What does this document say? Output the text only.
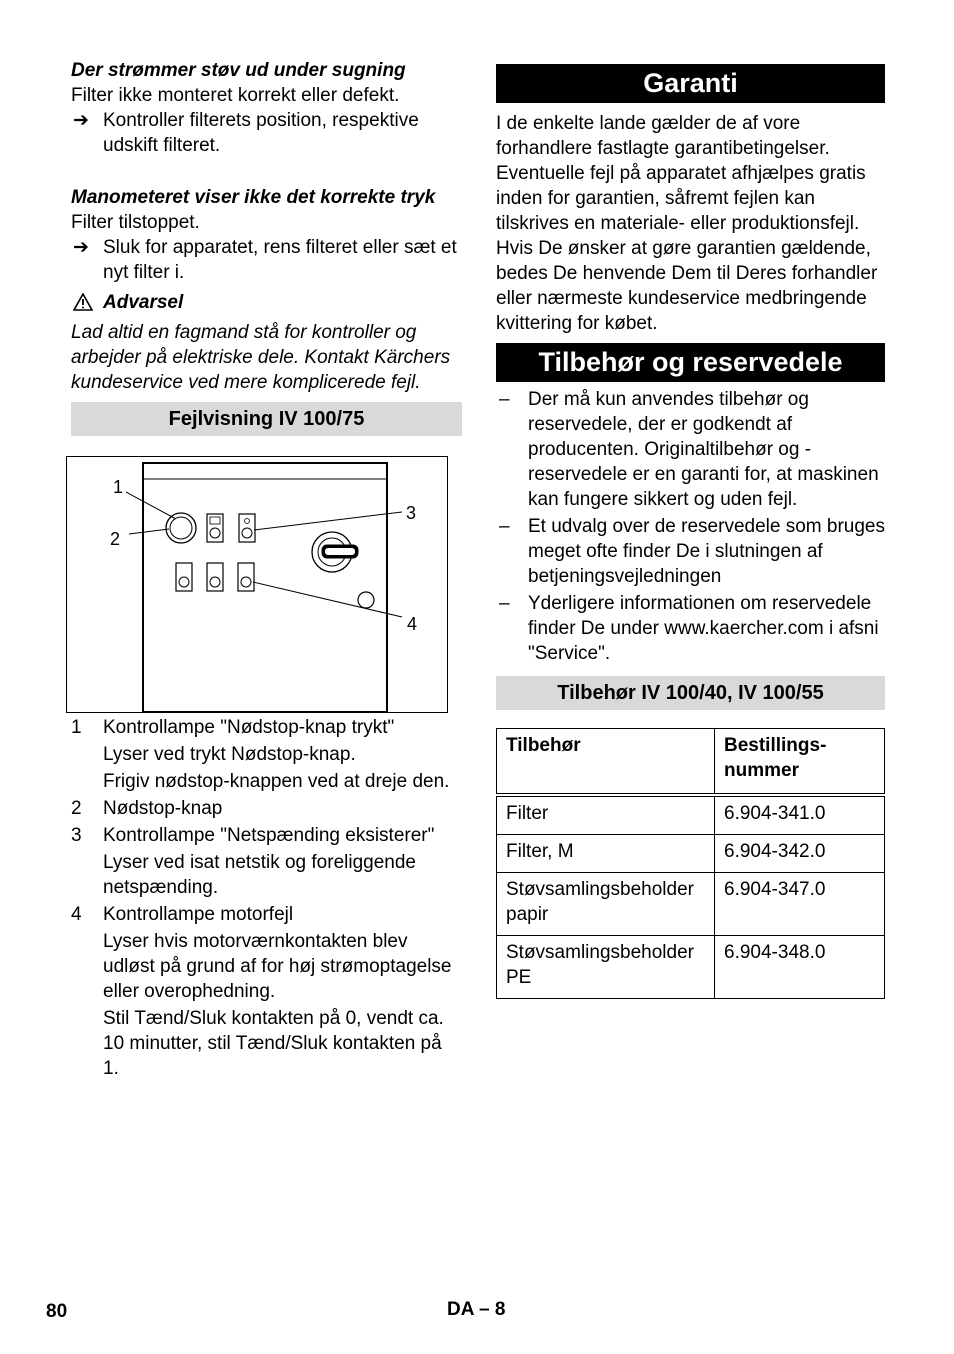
Der strømmer støv ud under sugning

Filter ikke monteret korrekt eller defekt.

➔ Kontroller filterets position, respektive udskift filteret.

Manometeret viser ikke det korrekte tryk

Filter tilstoppet.

➔ Sluk for apparatet, rens filteret eller sæt et nyt filter i.
Advarsel

Lad altid en fagmand stå for kontroller og arbejder på elektriske dele. Kontakt Kärchers kundeservice ved mere komplicerede fejl.

Fejlvisning IV 100/75
1
2
3
4
1 Kontrollampe "Nødstop-knap trykt"

Lyser ved trykt Nødstop-knap.

Frigiv nødstop-knappen ved at dreje den.

2 Nødstop-knap
3 Kontrollampe "Netspænding eksisterer"

Lyser ved isat netstik og foreliggende netspænding.

4 Kontrollampe motorfejl

Lyser hvis motorværnkontakten blev udløst på grund af for høj strømoptagelse eller overophedning.

Stil Tænd/Sluk kontakten på 0, vendt ca. 10 minutter, stil Tænd/Sluk kontakten på 1.

Garanti

I de enkelte lande gælder de af vore forhandlere fastlagte garantibetingelser. Eventuelle fejl på apparatet afhjælpes gratis inden for garantien, såfremt fejlen kan tilskrives en materiale- eller produktionsfejl. Hvis De ønsker at gøre garantien gældende, bedes De henvende Dem til Deres forhandler eller nærmeste kundeservice medbringende kvittering for købet.

Tilbehør og reservedele
– Der må kun anvendes tilbehør og reservedele, der er godkendt af producenten. Originaltilbehør og -reservedele er en garanti for, at maskinen kan fungere sikkert og uden fejl.
– Et udvalg over de reservedele som bruges meget ofte finder De i slutningen af betjeningsvejledningen
– Yderligere informationen om reservedele finder De under www.kaercher.com i afsni "Service".
Tilbehør IV 100/40, IV 100/55
Tilbehør	Bestillings-
nummer
Filter	6.904-341.0
Filter, M	6.904-342.0
Støvsamlingsbeholder papir	6.904-347.0
Støvsamlingsbeholder PE	6.904-348.0
80	DA – 8
